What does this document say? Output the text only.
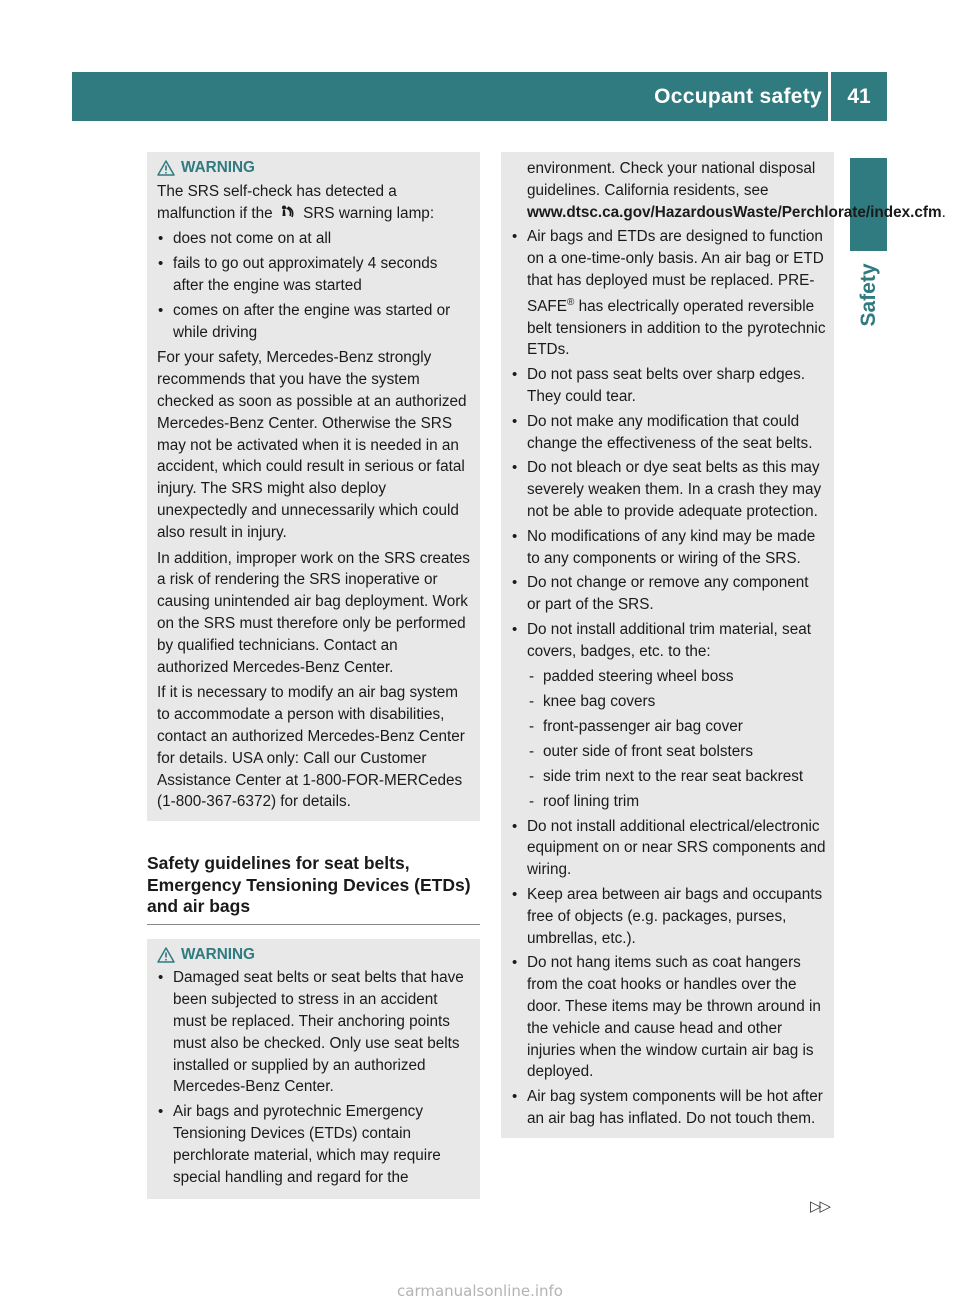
Occupant safety	41
Safety
WARNING

The SRS self-check has detected a malfunction if the SRS warning lamp:

• does not come on at all
• fails to go out approximately 4 seconds after the engine was started
• comes on after the engine was started or while driving

For your safety, Mercedes-Benz strongly recommends that you have the system checked as soon as possible at an authorized Mercedes-Benz Center. Otherwise the SRS may not be activated when it is needed in an accident, which could result in serious or fatal injury. The SRS might also deploy unexpectedly and unnecessarily which could also result in injury.

In addition, improper work on the SRS creates a risk of rendering the SRS inoperative or causing unintended air bag deployment. Work on the SRS must therefore only be performed by qualified technicians. Contact an authorized Mercedes-Benz Center.

If it is necessary to modify an air bag system to accommodate a person with disabilities, contact an authorized Mercedes-Benz Center for details. USA only: Call our Customer Assistance Center at 1-800-FOR-MERCedes (1-800-367-6372) for details.

Safety guidelines for seat belts, Emergency Tensioning Devices (ETDs) and air bags
WARNING
• Damaged seat belts or seat belts that have been subjected to stress in an accident must be replaced. Their anchoring points must also be checked. Only use seat belts installed or supplied by an authorized Mercedes-Benz Center.
• Air bags and pyrotechnic Emergency Tensioning Devices (ETDs) contain perchlorate material, which may require special handling and regard for the
environment. Check your national disposal guidelines. California residents, see www.dtsc.ca.gov/HazardousWaste/Perchlorate/index.cfm.
• Air bags and ETDs are designed to function on a one-time-only basis. An air bag or ETD that has deployed must be replaced. PRE-SAFE® has electrically operated reversible belt tensioners in addition to the pyrotechnic ETDs.
• Do not pass seat belts over sharp edges. They could tear.
• Do not make any modification that could change the effectiveness of the seat belts.
• Do not bleach or dye seat belts as this may severely weaken them. In a crash they may not be able to provide adequate protection.
• No modifications of any kind may be made to any components or wiring of the SRS.
• Do not change or remove any component or part of the SRS.
• Do not install additional trim material, seat covers, badges, etc. to the:
- padded steering wheel boss
- knee bag covers
- front-passenger air bag cover
- outer side of front seat bolsters
- side trim next to the rear seat backrest
- roof lining trim
• Do not install additional electrical/electronic equipment on or near SRS components and wiring.
• Keep area between air bags and occupants free of objects (e.g. packages, purses, umbrellas, etc.).
• Do not hang items such as coat hangers from the coat hooks or handles over the door. These items may be thrown around in the vehicle and cause head and other injuries when the window curtain air bag is deployed.
• Air bag system components will be hot after an air bag has inflated. Do not touch them.
▷▷
carmanualsonline.info
